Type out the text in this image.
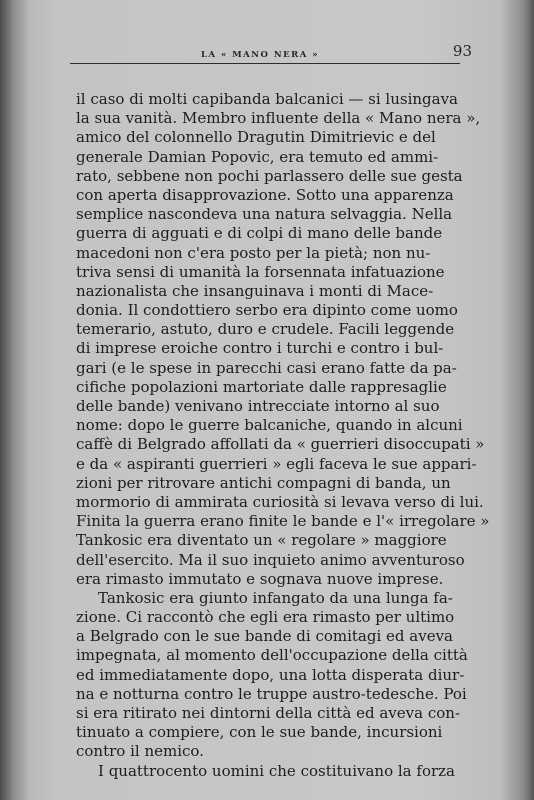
LA « MANO NERA »	93
il caso di molti capibanda balcanici — si lusingava
la sua vanità. Membro influente della « Mano nera »,
amico del colonnello Dragutin Dimitrievic e del
generale Damian Popovic, era temuto ed ammi-
rato, sebbene non pochi parlassero delle sue gesta
con aperta disapprovazione. Sotto una apparenza
semplice nascondeva una natura selvaggia. Nella
guerra di agguati e di colpi di mano delle bande
macedoni non c'era posto per la pietà; non nu-
triva sensi di umanità la forsennata infatuazione
nazionalista che insanguinava i monti di Mace-
donia. Il condottiero serbo era dipinto come uomo
temerario, astuto, duro e crudele. Facili leggende
di imprese eroiche contro i turchi e contro i bul-
gari (e le spese in parecchi casi erano fatte da pa-
cifiche popolazioni martoriate dalle rappresaglie
delle bande) venivano intrecciate intorno al suo
nome: dopo le guerre balcaniche, quando in alcuni
caffè di Belgrado affollati da « guerrieri disoccupati »
e da « aspiranti guerrieri » egli faceva le sue appari-
zioni per ritrovare antichi compagni di banda, un
mormorio di ammirata curiosità si levava verso di lui.
Finita la guerra erano finite le bande e l'« irregolare »
Tankosic era diventato un « regolare » maggiore
dell'esercito. Ma il suo inquieto animo avventuroso
era rimasto immutato e sognava nuove imprese.
Tankosic era giunto infangato da una lunga fa-
zione. Ci raccontò che egli era rimasto per ultimo
a Belgrado con le sue bande di comitagi ed aveva
impegnata, al momento dell'occupazione della città
ed immediatamente dopo, una lotta disperata diur-
na e notturna contro le truppe austro-tedesche. Poi
si era ritirato nei dintorni della città ed aveva con-
tinuato a compiere, con le sue bande, incursioni
contro il nemico.
I quattrocento uomini che costituivano la forza
